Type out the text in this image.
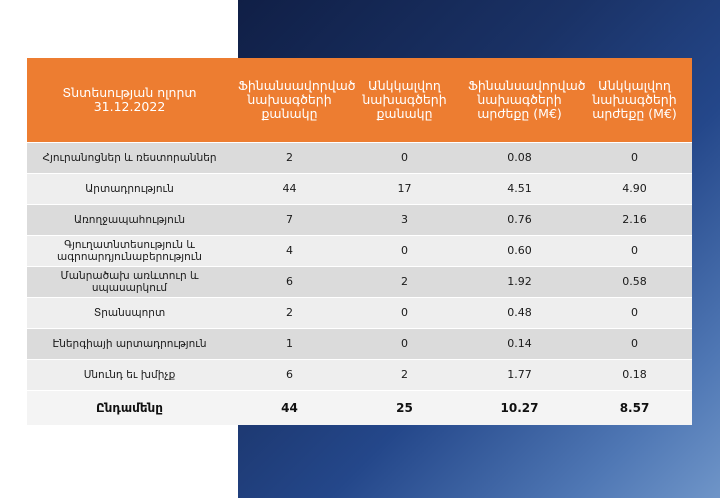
Տնտեսության ոլորտ 31.12.2022	Ֆինանսավորված նախագծերի քանակը	Անկկալվող նախագծերի քանակը	Ֆինանսավորված նախագծերի արժեքը (M€)	Անկկալվող նախագծերի արժեքը (M€)
Հյուրանոցներ և ռեստորաններ	2	0	0.08	0
Արտադրություն	44	17	4.51	4.90
Առողջապահություն	7	3	0.76	2.16
Գյուղատնտեսություն և ագրոարդյունաբերություն	4	0	0.60	0
Մանրածախ առևտուր և սպասարկում	6	2	1.92	0.58
Տրանսպորտ	2	0	0.48	0
Էներգիայի արտադրություն	1	0	0.14	0
Սնունդ եւ խմիչք	6	2	1.77	0.18
Ընդամենը	44	25	10.27	8.57
